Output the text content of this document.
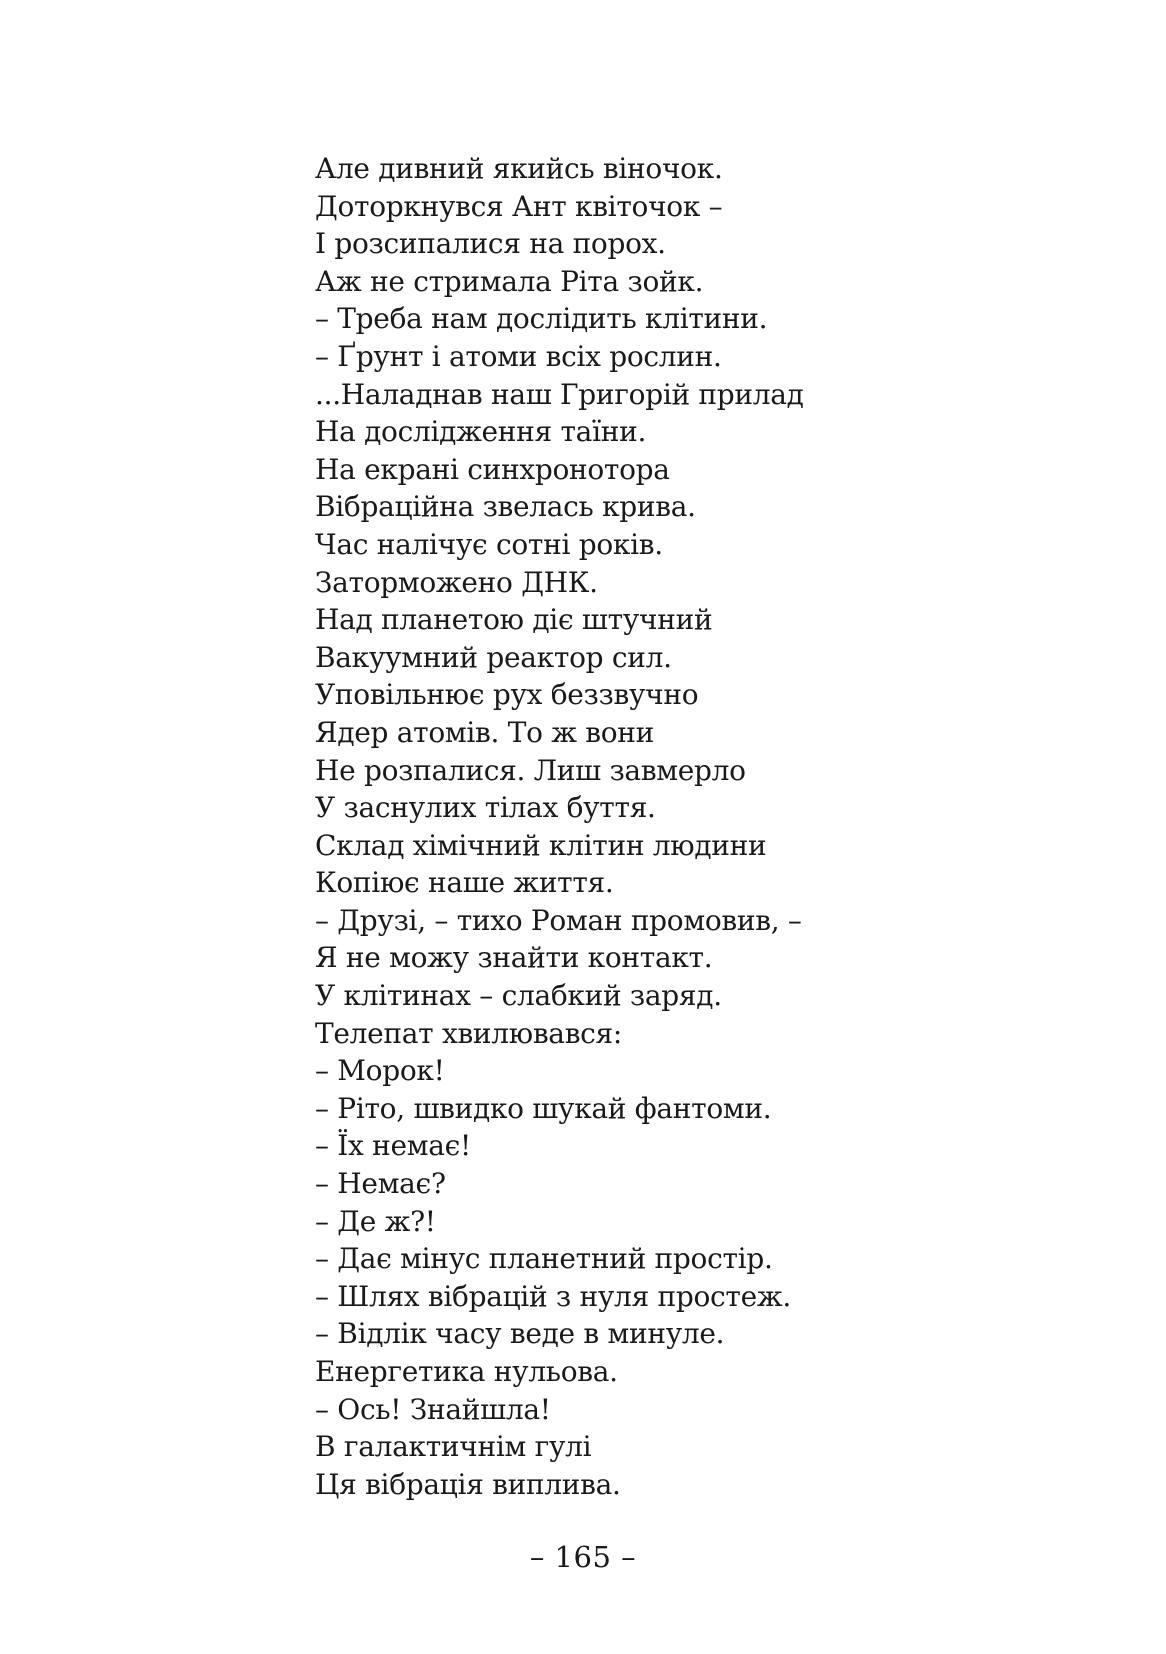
Але дивний якийсь віночок.
Доторкнувся Ант квіточок –
І розсипалися на порох.
Аж не стримала Ріта зойк.
– Треба нам дослідить клітини.
– Ґрунт і атоми всіх рослин.
...Наладнав наш Григорій прилад
На дослідження таїни.
На екрані синхронотора
Вібраційна звелась крива.
Час налічує сотні років.
Заторможено ДНК.
Над планетою діє штучний
Вакуумний реактор сил.
Уповільнює рух беззвучно
Ядер атомів. То ж вони
Не розпалися. Лиш завмерло
У заснулих тілах буття.
Склад хімічний клітин людини
Копіює наше життя.
– Друзі, – тихо Роман промовив, –
Я не можу знайти контакт.
У клітинах – слабкий заряд.
Телепат хвилювався:
– Морок!
– Ріто, швидко шукай фантоми.
– Їх немає!
– Немає?
– Де ж?!
– Дає мінус планетний простір.
– Шлях вібрацій з нуля простеж.
– Відлік часу веде в минуле.
Енергетика нульова.
– Ось! Знайшла!
В галактичнім гулі
Ця вібрація виплива.
– 165 –
